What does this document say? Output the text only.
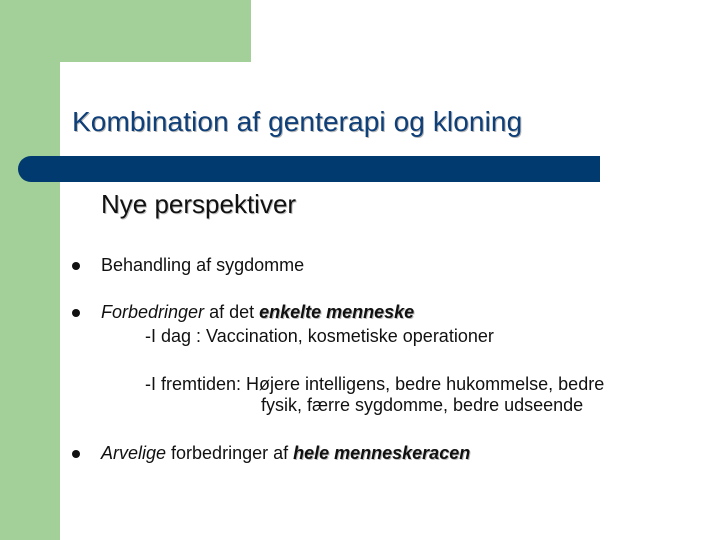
Kombination af genterapi og kloning
Nye perspektiver
Behandling af sygdomme
Forbedringer af det enkelte menneske
-I dag : Vaccination, kosmetiske operationer
-I fremtiden: Højere intelligens, bedre hukommelse, bedre
fysik, færre sygdomme, bedre udseende
Arvelige forbedringer af hele menneskeracen
